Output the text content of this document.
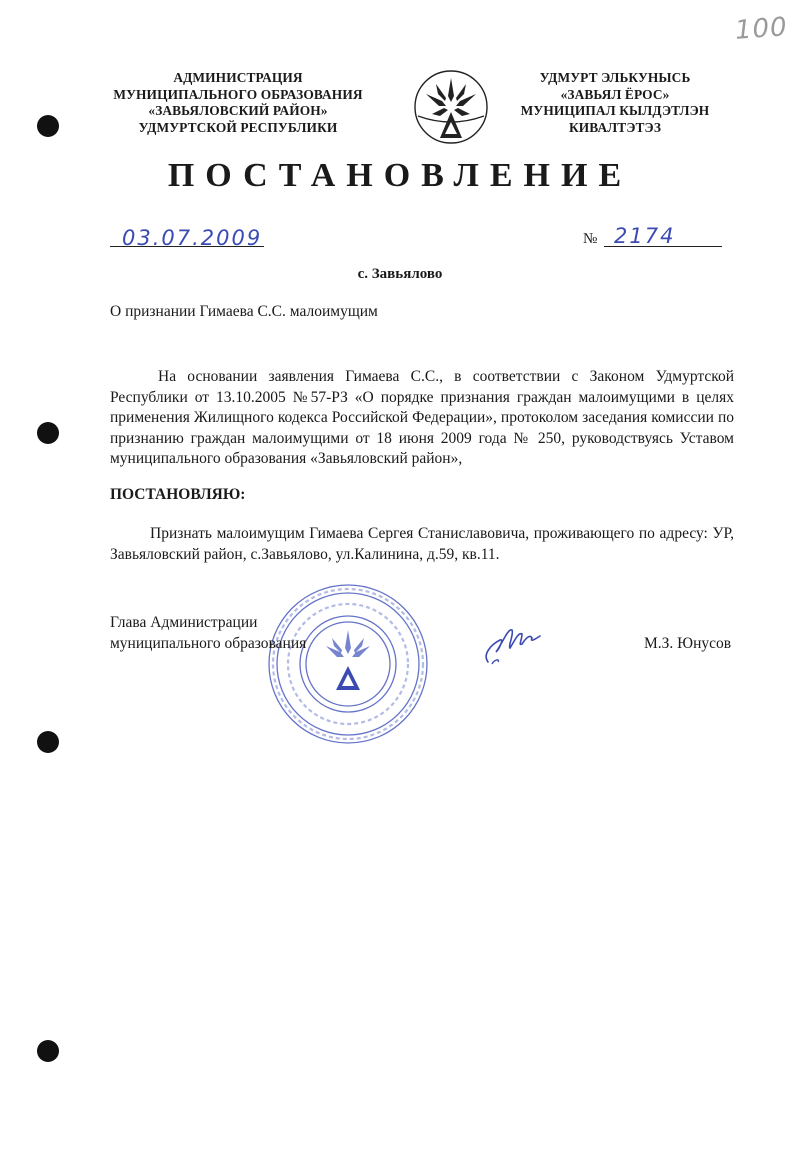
100
АДМИНИСТРАЦИЯ
МУНИЦИПАЛЬНОГО ОБРАЗОВАНИЯ
«ЗАВЬЯЛОВСКИЙ РАЙОН»
УДМУРТСКОЙ РЕСПУБЛИКИ
УДМУРТ ЭЛЬКУНЫСЬ
«ЗАВЬЯЛ ЁРОС»
МУНИЦИПАЛ КЫЛДЭТЛЭН
КИВАЛТЭТЭЗ
ПОСТАНОВЛЕНИЕ
03.07.2009	№ 2174
с. Завьялово
О признании Гимаева С.С. малоимущим
На основании заявления Гимаева С.С., в соответствии с Законом Удмуртской Республики от 13.10.2005 №57-РЗ «О порядке признания граждан малоимущими в целях применения Жилищного кодекса Российской Федерации», протоколом заседания комиссии по признанию граждан малоимущими от 18 июня 2009 года № 250, руководствуясь Уставом муниципального образования «Завьяловский район»,
ПОСТАНОВЛЯЮ:
Признать малоимущим Гимаева Сергея Станиславовича, проживающего по адресу: УР, Завьяловский район, с.Завьялово, ул.Калинина, д.59, кв.11.
Глава Администрации
муниципального образования	М.З. Юнусов
